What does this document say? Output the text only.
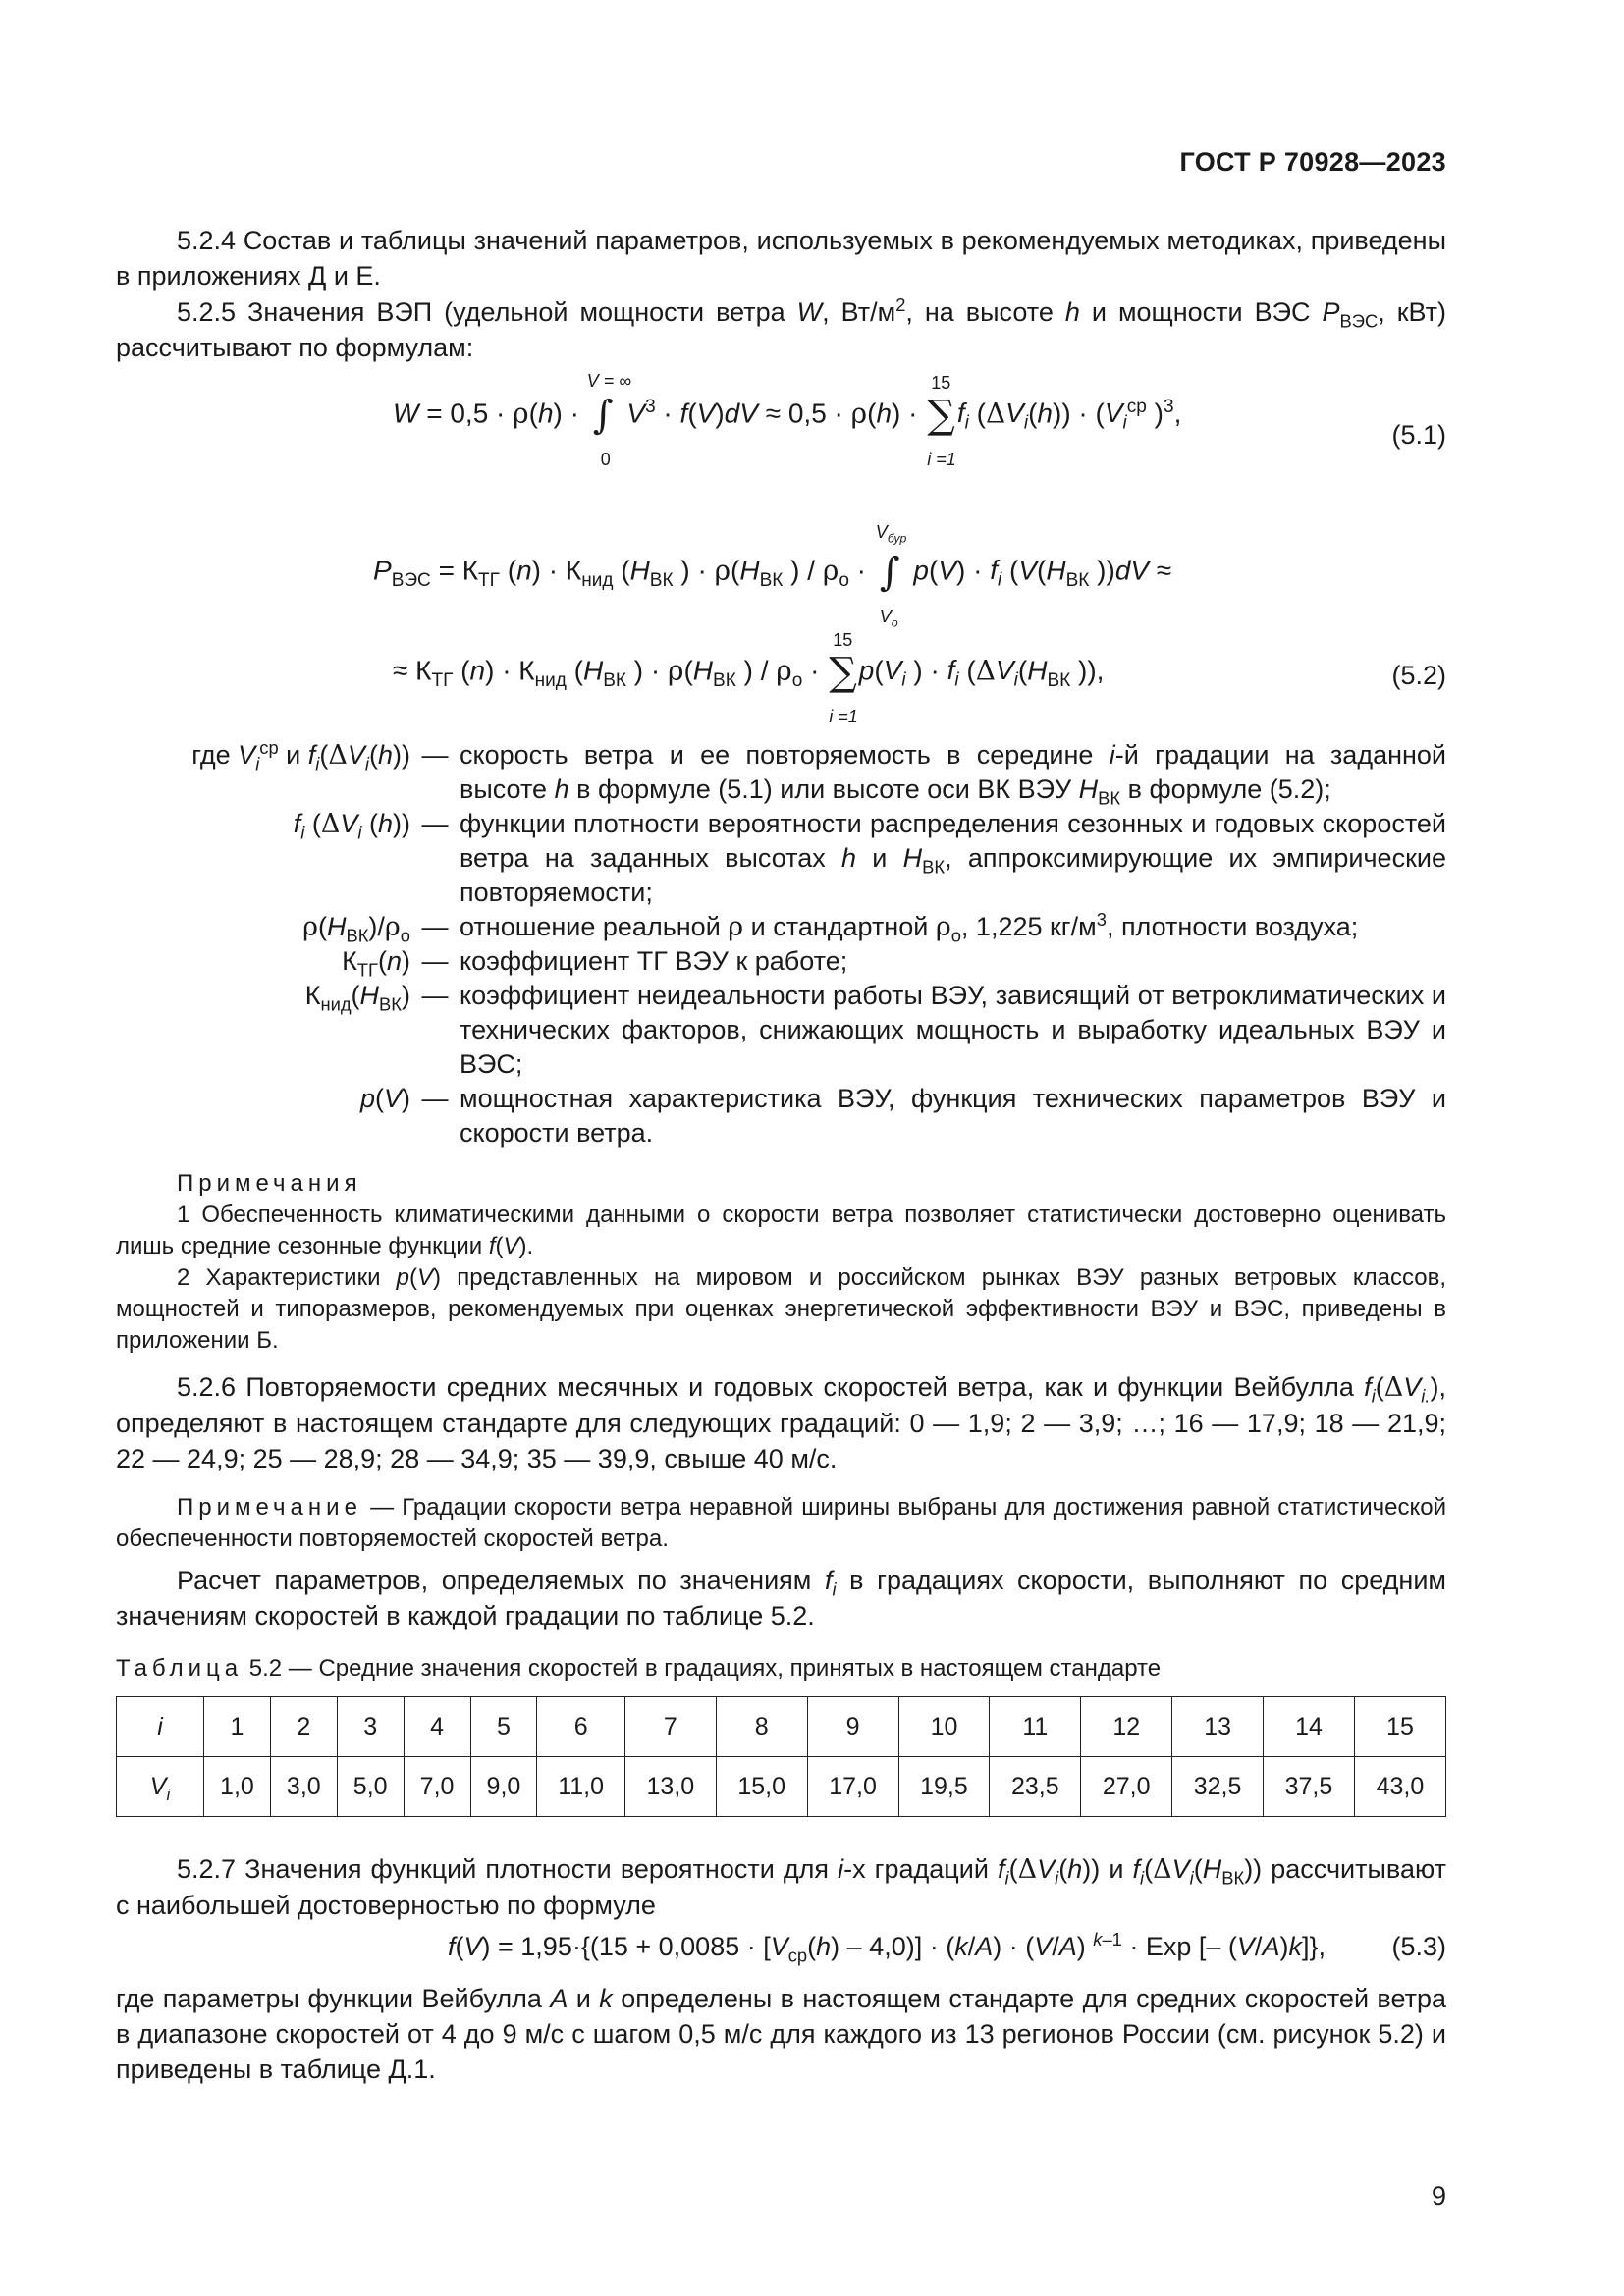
ГОСТ Р 70928—2023

5.2.4 Состав и таблицы значений параметров, используемых в рекомендуемых методиках, приведены в приложениях Д и Е.

5.2.5 Значения ВЭП (удельной мощности ветра W, $Вт/м^2$, на высоте h и мощности ВЭС $P_{ВЭС}$, кВт) рассчитывают по формулам:

W = 0,5 · ρ(h) · ∫
V = ∞
0
$V^3 \cdot f(V)dV \approx 0,5 \cdot \rho(h)$ · ∑
15
i =1
$f_i$ $(\Delta V_i(h)) \cdot (V_i^{ср}$ )$^3$,
(5.1)
$P_{ВЭС} = К_{ТГ}$ $(n) \cdot К_{нид}$ ($H_{ВК}$ ) · $\rho(H_{ВК}$ ) / $\rho_о$ · ∫
$V_{бур}$
$V_о$
$p(V) \cdot f_i$ ($V(H_{ВК}$ ))dV ≈
≈ $К_{ТГ}$ $(n) \cdot К_{нид}$ ($H_{ВК}$ ) · $\rho(H_{ВК}$ ) / $\rho_о$ · ∑
15
i =1
$p(V_i$ ) · $f_i$ ($\Delta V_i(H_{ВК}$ )),	(5.2)
где $V_i^{ср}$ и $f_i(\Delta V_i(h))$ — скорость ветра и ее повторяемость в середине i-й градации на заданной высоте h в формуле (5.1) или высоте оси ВК ВЭУ $H_{ВК}$ в формуле (5.2);
$f_i$ ($\Delta V_i$ (h)) — функции плотности вероятности распределения сезонных и годовых скоростей ветра на заданных высотах h и $H_{ВК}$, аппроксимирующие их эмпирические повторяемости;
$\rho(H_{ВК})/\rho_о$ — отношение реальной ρ и стандартной $\rho_о$, 1,225 $кг/м^3$, плотности воздуха;
$К_{ТГ}(n)$ — коэффициент ТГ ВЭУ к работе;
$К_{нид}(H_{ВК})$ — коэффициент неидеальности работы ВЭУ, зависящий от ветроклиматических и технических факторов, снижающих мощность и выработку идеальных ВЭУ и ВЭС;
p(V) — мощностная характеристика ВЭУ, функция технических параметров ВЭУ и скорости ветра.

Примечания

1 Обеспеченность климатическими данными о скорости ветра позволяет статистически достоверно оценивать лишь средние сезонные функции f(V).

2 Характеристики p(V) представленных на мировом и российском рынках ВЭУ разных ветровых классов, мощностей и типоразмеров, рекомендуемых при оценках энергетической эффективности ВЭУ и ВЭС, приведены в приложении Б.

5.2.6 Повторяемости средних месячных и годовых скоростей ветра, как и функции Вейбулла $f_i(\Delta V_{i.})$, определяют в настоящем стандарте для следующих градаций: 0 — 1,9; 2 — 3,9; …; 16 — 17,9; 18 — 21,9; 22 — 24,9; 25 — 28,9; 28 — 34,9; 35 — 39,9, свыше 40 м/с.

Примечание — Градации скорости ветра неравной ширины выбраны для достижения равной статистической обеспеченности повторяемостей скоростей ветра.

Расчет параметров, определяемых по значениям $f_i$ в градациях скорости, выполняют по средним значениям скоростей в каждой градации по таблице 5.2.

Таблица 5.2 — Средние значения скоростей в градациях, принятых в настоящем стандарте
i	1	2	3	4	5	6	7	8	9	10	11	12	13	14	15
$V_i$	1,0	3,0	5,0	7,0	9,0	11,0	13,0	15,0	17,0	19,5	23,5	27,0	32,5	37,5	43,0

5.2.7 Значения функций плотности вероятности для i-х градаций $f_i(\Delta V_i(h))$ и $f_i(\Delta V_i(H_{ВК}))$ рассчитывают с наибольшей достоверностью по формуле

$f(V) = 1,95\cdot\{(15 + 0,0085 \cdot [V_{ср}(h) - 4,0)] \cdot (k/A) \cdot (V/A)$ $^{k-1}$ · Exp [– (V/A)k]}, (5.3)

где параметры функции Вейбулла A и k определены в настоящем стандарте для средних скоростей ветра в диапазоне скоростей от 4 до 9 м/с с шагом 0,5 м/с для каждого из 13 регионов России (см. рисунок 5.2) и приведены в таблице Д.1.

9
